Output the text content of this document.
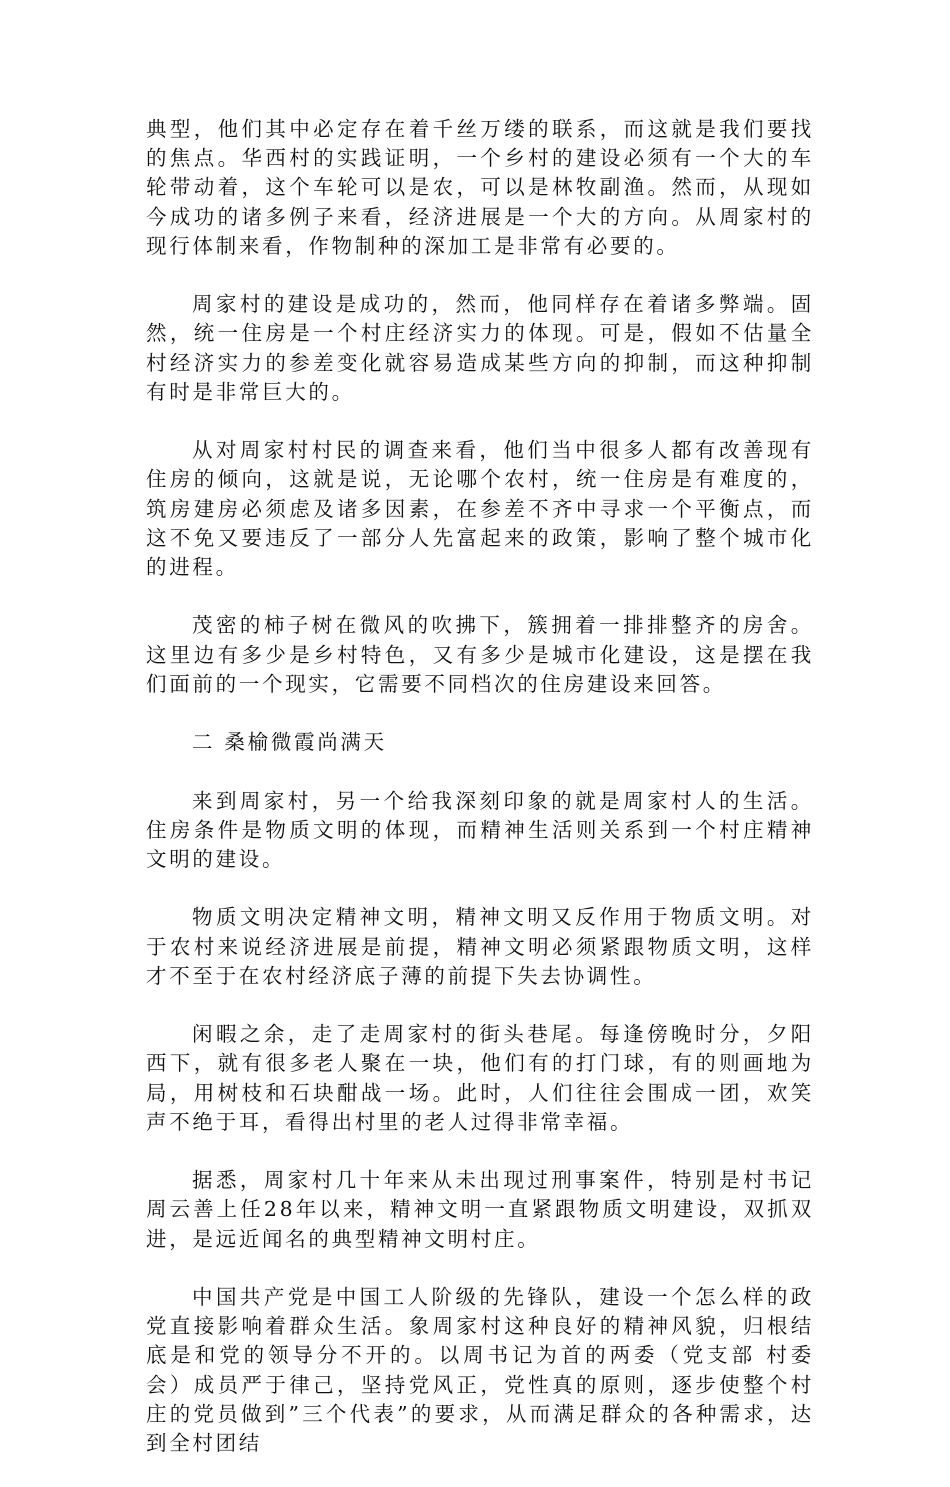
典型，他们其中必定存在着千丝万缕的联系，而这就是我们要找的焦点。华西村的实践证明，一个乡村的建设必须有一个大的车轮带动着，这个车轮可以是农，可以是林牧副渔。然而，从现如今成功的诸多例子来看，经济进展是一个大的方向。从周家村的现行体制来看，作物制种的深加工是非常有必要的。

周家村的建设是成功的，然而，他同样存在着诸多弊端。固然，统一住房是一个村庄经济实力的体现。可是，假如不估量全村经济实力的参差变化就容易造成某些方向的抑制，而这种抑制有时是非常巨大的。

从对周家村村民的调查来看，他们当中很多人都有改善现有住房的倾向，这就是说，无论哪个农村，统一住房是有难度的，筑房建房必须虑及诸多因素，在参差不齐中寻求一个平衡点，而这不免又要违反了一部分人先富起来的政策，影响了整个城市化的进程。

茂密的柿子树在微风的吹拂下，簇拥着一排排整齐的房舍。这里边有多少是乡村特色，又有多少是城市化建设，这是摆在我们面前的一个现实，它需要不同档次的住房建设来回答。

二 桑榆微霞尚满天

来到周家村，另一个给我深刻印象的就是周家村人的生活。住房条件是物质文明的体现，而精神生活则关系到一个村庄精神文明的建设。

物质文明决定精神文明，精神文明又反作用于物质文明。对于农村来说经济进展是前提，精神文明必须紧跟物质文明，这样才不至于在农村经济底子薄的前提下失去协调性。

闲暇之余，走了走周家村的街头巷尾。每逢傍晚时分，夕阳西下，就有很多老人聚在一块，他们有的打门球，有的则画地为局，用树枝和石块酣战一场。此时，人们往往会围成一团，欢笑声不绝于耳，看得出村里的老人过得非常幸福。

据悉，周家村几十年来从未出现过刑事案件，特别是村书记周云善上任28年以来，精神文明一直紧跟物质文明建设，双抓双进，是远近闻名的典型精神文明村庄。

中国共产党是中国工人阶级的先锋队，建设一个怎么样的政党直接影响着群众生活。象周家村这种良好的精神风貌，归根结底是和党的领导分不开的。以周书记为首的两委（党支部 村委会）成员严于律己，坚持党风正，党性真的原则，逐步使整个村庄的党员做到”三个代表”的要求，从而满足群众的各种需求，达到全村团结
